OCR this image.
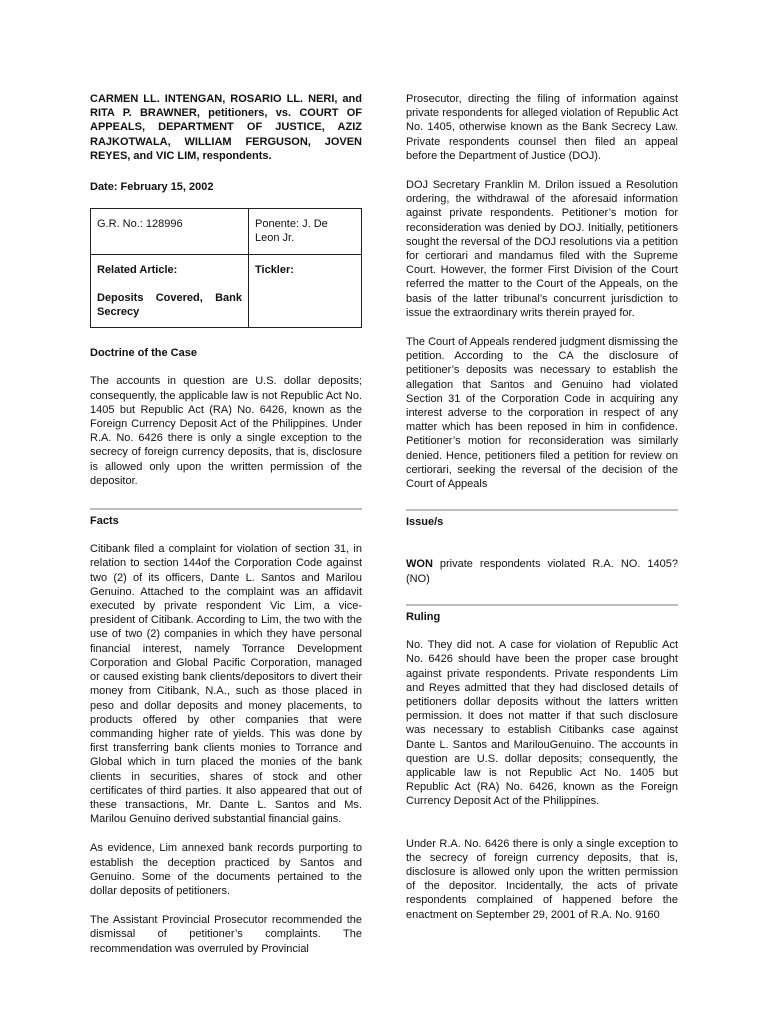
CARMEN LL. INTENGAN, ROSARIO LL. NERI, and RITA P. BRAWNER, petitioners, vs. COURT OF APPEALS, DEPARTMENT OF JUSTICE, AZIZ RAJKOTWALA, WILLIAM FERGUSON, JOVEN REYES, and VIC LIM, respondents.

Date: February 15, 2002

G.R. No.: 128996	Ponente: J. De Leon Jr.

Related Article:
Deposits Covered, Bank Secrecy	Tickler:

Doctrine of the Case

The accounts in question are U.S. dollar deposits; consequently, the applicable law is not Republic Act No. 1405 but Republic Act (RA) No. 6426, known as the Foreign Currency Deposit Act of the Philippines. Under R.A. No. 6426 there is only a single exception to the secrecy of foreign currency deposits, that is, disclosure is allowed only upon the written permission of the depositor.

Facts

Citibank filed a complaint for violation of section 31, in relation to section 144of the Corporation Code against two (2) of its officers, Dante L. Santos and Marilou Genuino. Attached to the complaint was an affidavit executed by private respondent Vic Lim, a vice-president of Citibank. According to Lim, the two with the use of two (2) companies in which they have personal financial interest, namely Torrance Development Corporation and Global Pacific Corporation, managed or caused existing bank clients/depositors to divert their money from Citibank, N.A., such as those placed in peso and dollar deposits and money placements, to products offered by other companies that were commanding higher rate of yields. This was done by first transferring bank clients monies to Torrance and Global which in turn placed the monies of the bank clients in securities, shares of stock and other certificates of third parties. It also appeared that out of these transactions, Mr. Dante L. Santos and Ms. Marilou Genuino derived substantial financial gains.

As evidence, Lim annexed bank records purporting to establish the deception practiced by Santos and Genuino. Some of the documents pertained to the dollar deposits of petitioners.

The Assistant Provincial Prosecutor recommended the dismissal of petitioner’s complaints. The recommendation was overruled by Provincial

Prosecutor, directing the filing of information against private respondents for alleged violation of Republic Act No. 1405, otherwise known as the Bank Secrecy Law. Private respondents counsel then filed an appeal before the Department of Justice (DOJ).

DOJ Secretary Franklin M. Drilon issued a Resolution ordering, the withdrawal of the aforesaid information against private respondents. Petitioner’s motion for reconsideration was denied by DOJ. Initially, petitioners sought the reversal of the DOJ resolutions via a petition for certiorari and mandamus filed with the Supreme Court. However, the former First Division of the Court referred the matter to the Court of the Appeals, on the basis of the latter tribunal’s concurrent jurisdiction to issue the extraordinary writs therein prayed for.

The Court of Appeals rendered judgment dismissing the petition. According to the CA the disclosure of petitioner’s deposits was necessary to establish the allegation that Santos and Genuino had violated Section 31 of the Corporation Code in acquiring any interest adverse to the corporation in respect of any matter which has been reposed in him in confidence. Petitioner’s motion for reconsideration was similarly denied. Hence, petitioners filed a petition for review on certiorari, seeking the reversal of the decision of the Court of Appeals

Issue/s

WON private respondents violated R.A. NO. 1405? (NO)

Ruling

No. They did not. A case for violation of Republic Act No. 6426 should have been the proper case brought against private respondents. Private respondents Lim and Reyes admitted that they had disclosed details of petitioners dollar deposits without the latters written permission. It does not matter if that such disclosure was necessary to establish Citibanks case against Dante L. Santos and MarilouGenuino. The accounts in question are U.S. dollar deposits; consequently, the applicable law is not Republic Act No. 1405 but Republic Act (RA) No. 6426, known as the Foreign Currency Deposit Act of the Philippines.

Under R.A. No. 6426 there is only a single exception to the secrecy of foreign currency deposits, that is, disclosure is allowed only upon the written permission of the depositor. Incidentally, the acts of private respondents complained of happened before the enactment on September 29, 2001 of R.A. No. 9160
